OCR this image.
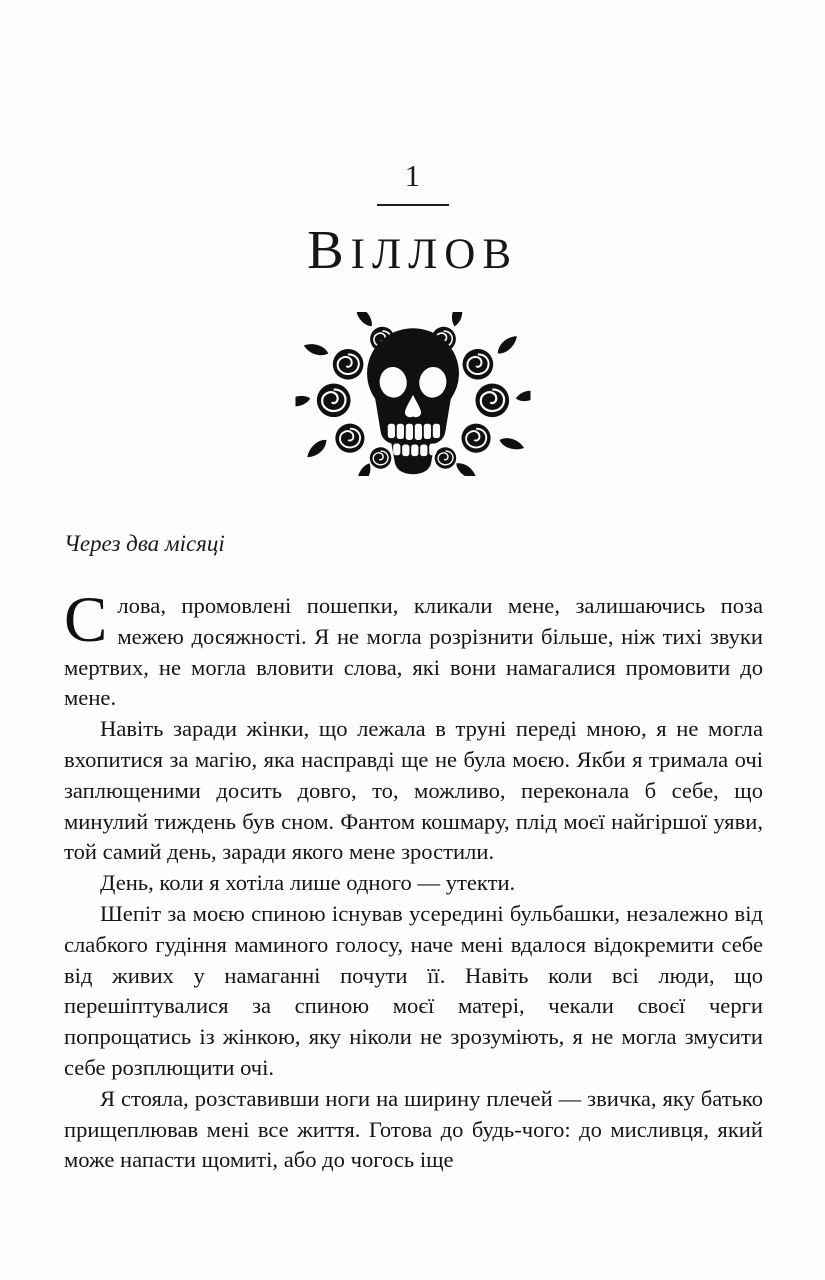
1
ВІЛЛОВ
Через два місяці

Слова, промовлені пошепки, кликали мене, залишаючись поза межею досяжності. Я не могла розрізнити більше, ніж тихі звуки мертвих, не могла вловити слова, які вони намагалися промовити до мене.

Навіть заради жінки, що лежала в труні переді мною, я не могла вхопитися за магію, яка насправді ще не була моєю. Якби я тримала очі заплющеними досить довго, то, можливо, переконала б себе, що минулий тиждень був сном. Фантом кошмару, плід моєї найгіршої уяви, той самий день, заради якого мене зростили.

День, коли я хотіла лише одного — утекти.

Шепіт за моєю спиною існував усередині бульбашки, незалежно від слабкого гудіння маминого голосу, наче мені вдалося відокремити себе від живих у намаганні почути її. Навіть коли всі люди, що перешіптувалися за спиною моєї матері, чекали своєї черги попрощатись із жінкою, яку ніколи не зрозуміють, я не могла змусити себе розплющити очі.

Я стояла, розставивши ноги на ширину плечей — звичка, яку батько прищеплював мені все життя. Готова до будь-чого: до мисливця, який може напасти щомиті, або до чогось іще
